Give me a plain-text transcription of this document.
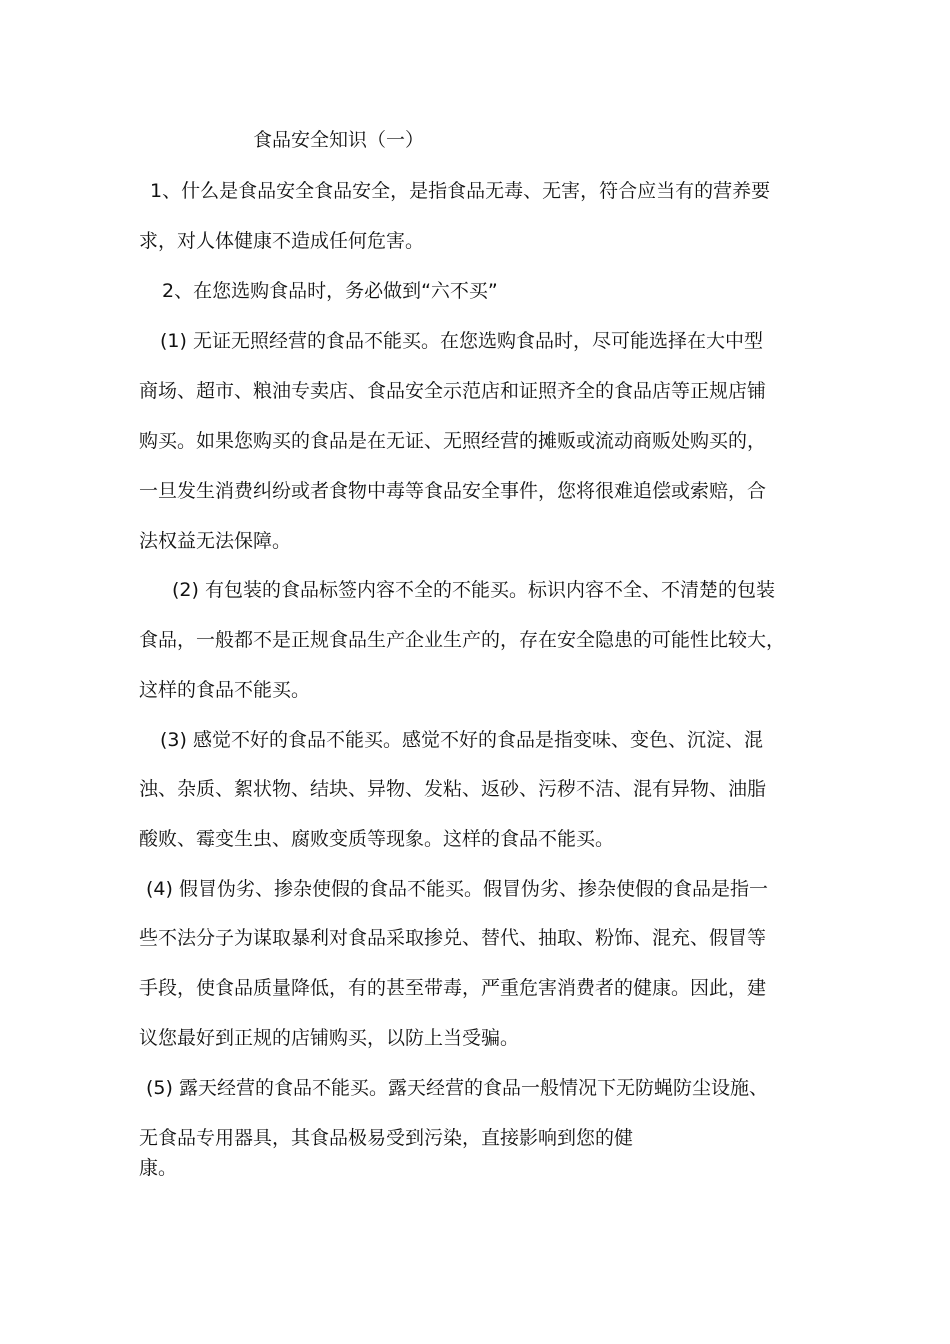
食品安全知识（一）

1、什么是食品安全食品安全，是指食品无毒、无害，符合应当有的营养要

求，对人体健康不造成任何危害。

2、在您选购食品时，务必做到“六不买”

(1) 无证无照经营的食品不能买。在您选购食品时，尽可能选择在大中型

商场、超市、粮油专卖店、食品安全示范店和证照齐全的食品店等正规店铺

购买。如果您购买的食品是在无证、无照经营的摊贩或流动商贩处购买的，

一旦发生消费纠纷或者食物中毒等食品安全事件，您将很难追偿或索赔，合

法权益无法保障。

(2) 有包装的食品标签内容不全的不能买。标识内容不全、不清楚的包装

食品，一般都不是正规食品生产企业生产的，存在安全隐患的可能性比较大，

这样的食品不能买。

(3) 感觉不好的食品不能买。感觉不好的食品是指变味、变色、沉淀、混

浊、杂质、絮状物、结块、异物、发粘、返砂、污秽不洁、混有异物、油脂

酸败、霉变生虫、腐败变质等现象。这样的食品不能买。

(4) 假冒伪劣、掺杂使假的食品不能买。假冒伪劣、掺杂使假的食品是指一

些不法分子为谋取暴利对食品采取掺兑、替代、抽取、粉饰、混充、假冒等

手段，使食品质量降低，有的甚至带毒，严重危害消费者的健康。因此，建

议您最好到正规的店铺购买，以防上当受骗。

(5) 露天经营的食品不能买。露天经营的食品一般情况下无防蝇防尘设施、

无食品专用器具，其食品极易受到污染，直接影响到您的健

康。
